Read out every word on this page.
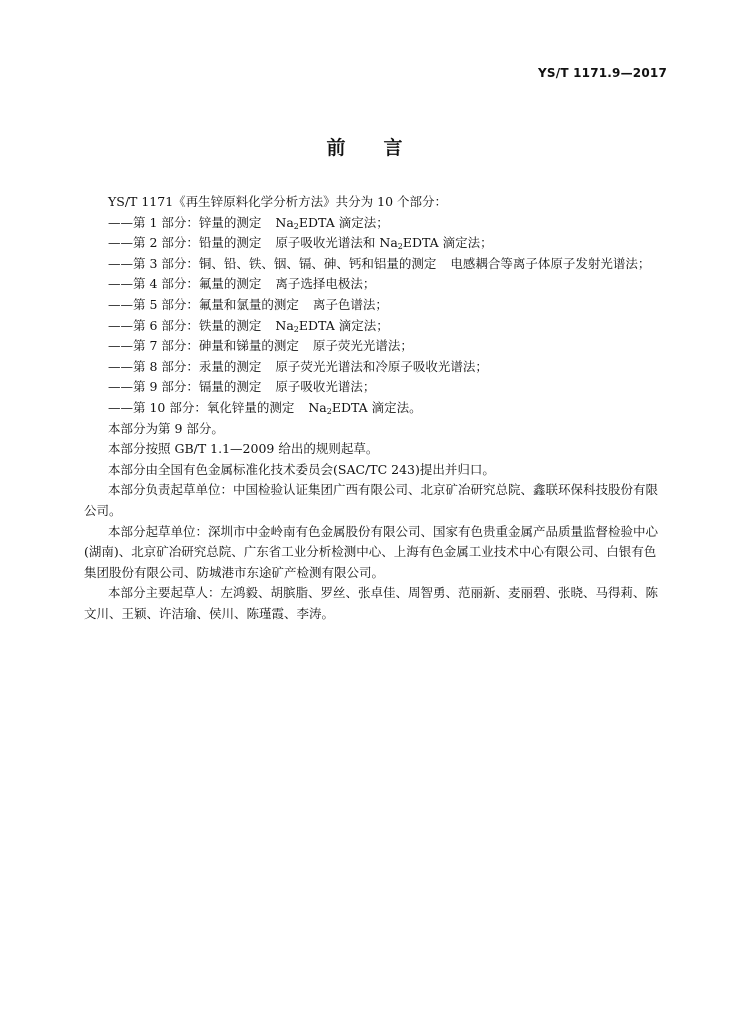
YS/T 1171.9—2017
前言
YS/T 1171《再生锌原料化学分析方法》共分为 10 个部分：
——第 1 部分：锌量的测定 $Na_2EDTA$ 滴定法；
——第 2 部分：铅量的测定 原子吸收光谱法和 $Na_2EDTA$ 滴定法；
——第 3 部分：铜、铅、铁、铟、镉、砷、钙和铝量的测定 电感耦合等离子体原子发射光谱法；
——第 4 部分：氟量的测定 离子选择电极法；
——第 5 部分：氟量和氯量的测定 离子色谱法；
——第 6 部分：铁量的测定 $Na_2EDTA$ 滴定法；
——第 7 部分：砷量和锑量的测定 原子荧光光谱法；
——第 8 部分：汞量的测定 原子荧光光谱法和冷原子吸收光谱法；
——第 9 部分：镉量的测定 原子吸收光谱法；
——第 10 部分：氧化锌量的测定 $Na_2EDTA$ 滴定法。
本部分为第 9 部分。
本部分按照 GB/T 1.1—2009 给出的规则起草。
本部分由全国有色金属标准化技术委员会(SAC/TC 243)提出并归口。
本部分负责起草单位：中国检验认证集团广西有限公司、北京矿冶研究总院、鑫联环保科技股份有限公司。
本部分起草单位：深圳市中金岭南有色金属股份有限公司、国家有色贵重金属产品质量监督检验中心(湖南)、北京矿冶研究总院、广东省工业分析检测中心、上海有色金属工业技术中心有限公司、白银有色集团股份有限公司、防城港市东途矿产检测有限公司。
本部分主要起草人：左鸿毅、胡膑脂、罗丝、张卓佳、周智勇、范丽新、麦丽碧、张晓、马得莉、陈文川、王颖、许洁瑜、侯川、陈瑾霞、李涛。
